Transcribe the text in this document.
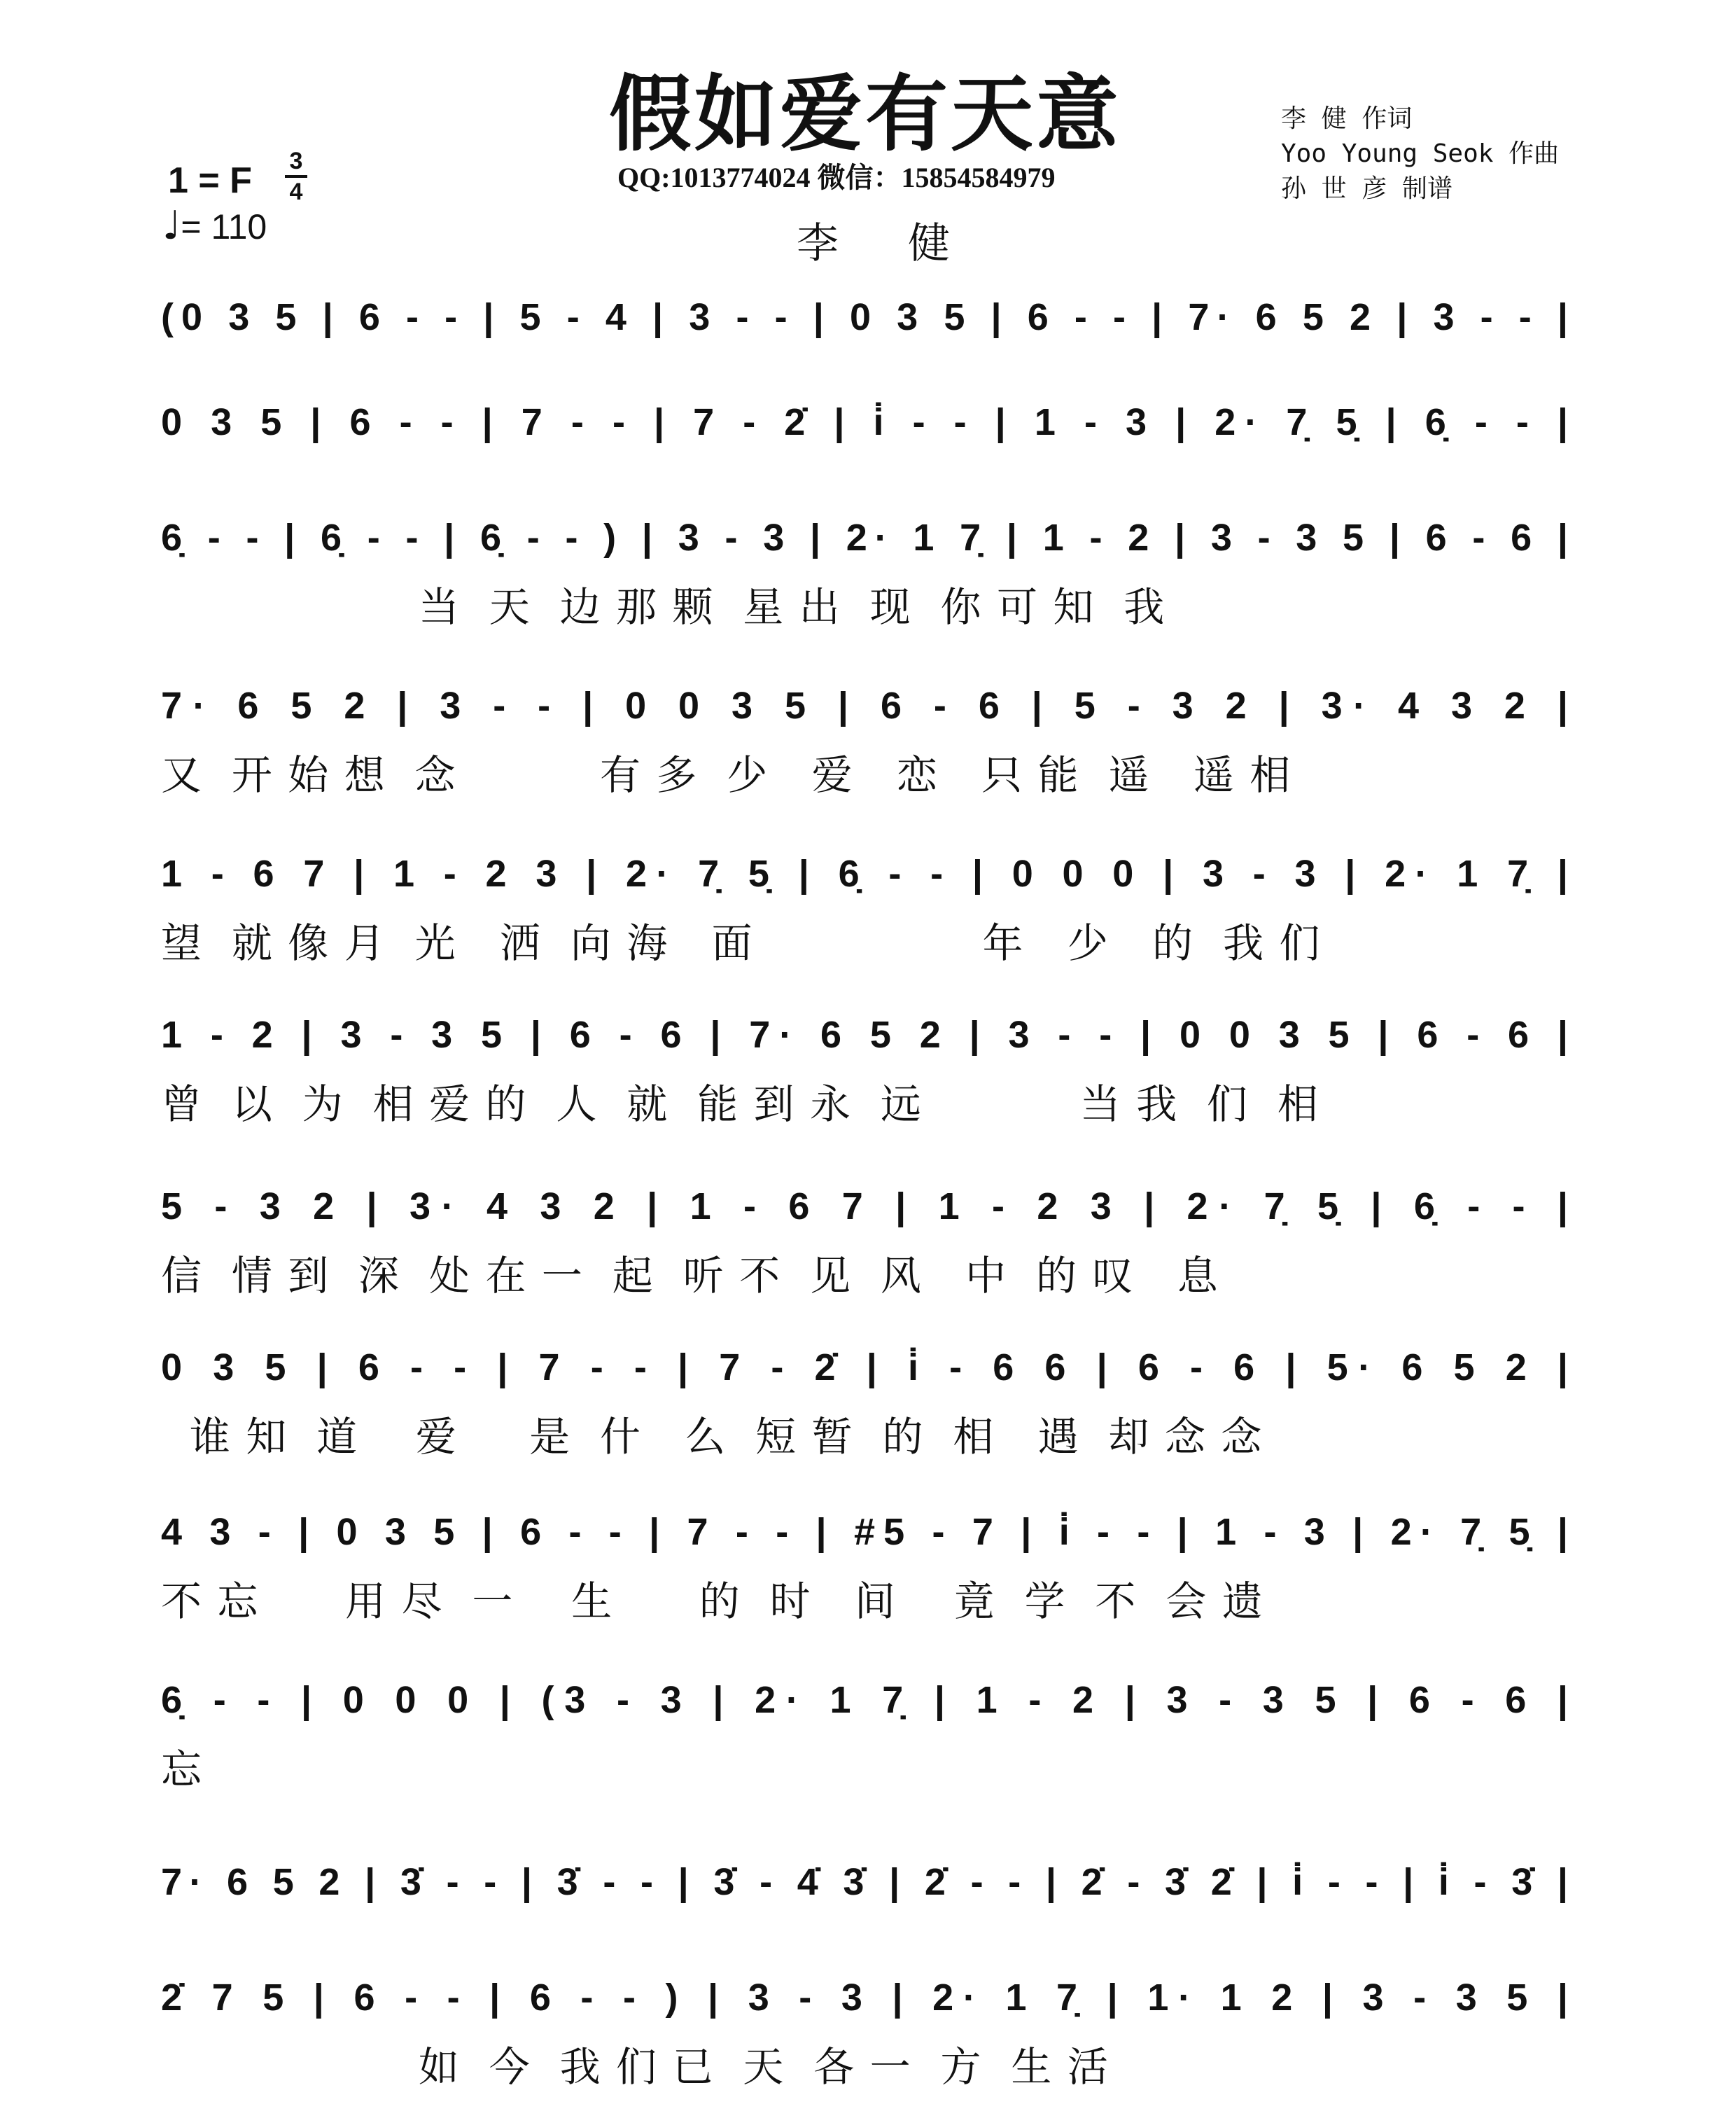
假如爱有天意
QQ:1013774024 微信：15854584979
李 健
李 健 作词
Yoo Young Seok 作曲
孙 世 彦 制谱
1 = F	3
4
♩= 110
(0 3 5 | 6 - - | 5 - 4 | 3 - - | 0 3 5 | 6 - - | 7· 6 5 2 | 3 - - |
0 3 5 | 6 - - | 7 - - | 7 - 2̇ | i̇ - - | 1 - 3 | 2· 7̣ 5̣ | 6̣ - - |
6̣ - - | 6̣ - - | 6̣ - - ) | 3 - 3 | 2· 1 7̣ | 1 - 2 | 3 - 3 5 | 6 - 6 |
当  天  边 那 颗  星 出  现  你 可 知  我
7· 6 5 2 | 3 - - | 0 0 3 5 | 6 - 6 | 5 - 3 2 | 3· 4 3 2 |
又  开 始 想  念          有 多  少   爱   恋   只 能  遥   遥 相
1 - 6 7 | 1 - 2 3 | 2· 7̣ 5̣ | 6̣ - - | 0 0 0 | 3 - 3 | 2· 1 7̣ |
望  就 像 月  光   洒  向 海   面                年   少   的  我 们
1 - 2 | 3 - 3 5 | 6 - 6 | 7· 6 5 2 | 3 - - | 0 0 3 5 | 6 - 6 |
曾  以  为  相 爱 的  人  就  能 到 永  远           当 我  们  相
5 - 3 2 | 3· 4 3 2 | 1 - 6 7 | 1 - 2 3 | 2· 7̣ 5̣ | 6̣ - - |
信  情 到  深  处 在 一  起  听 不  见  风   中  的 叹   息
0 3 5 | 6 - - | 7 - - | 7 - 2̇ | i̇ - 6 6 | 6 - 6 | 5· 6 5 2 |
谁 知  道    爱     是  什   么  短 暂  的  相   遇  却 念 念
4 3 - | 0 3 5 | 6 - - | 7 - - | #5 - 7 | i̇ - - | 1 - 3 | 2· 7̣ 5̣ |
不 忘      用 尽  一    生      的  时   间    竟  学  不  会 遗
6̣ - - | 0 0 0 | (3 - 3 | 2· 1 7̣ | 1 - 2 | 3 - 3 5 | 6 - 6 |
忘
7· 6 5 2 | 3̇ - - | 3̇ - - | 3̇ - 4̇ 3̇ | 2̇ - - | 2̇ - 3̇ 2̇ | i̇ - - | i̇ - 3̇ |
2̇ 7 5 | 6 - - | 6 - - ) | 3 - 3 | 2· 1 7̣ | 1· 1 2 | 3 - 3 5 |
如  今  我 们 已  天  各 一  方  生 活
